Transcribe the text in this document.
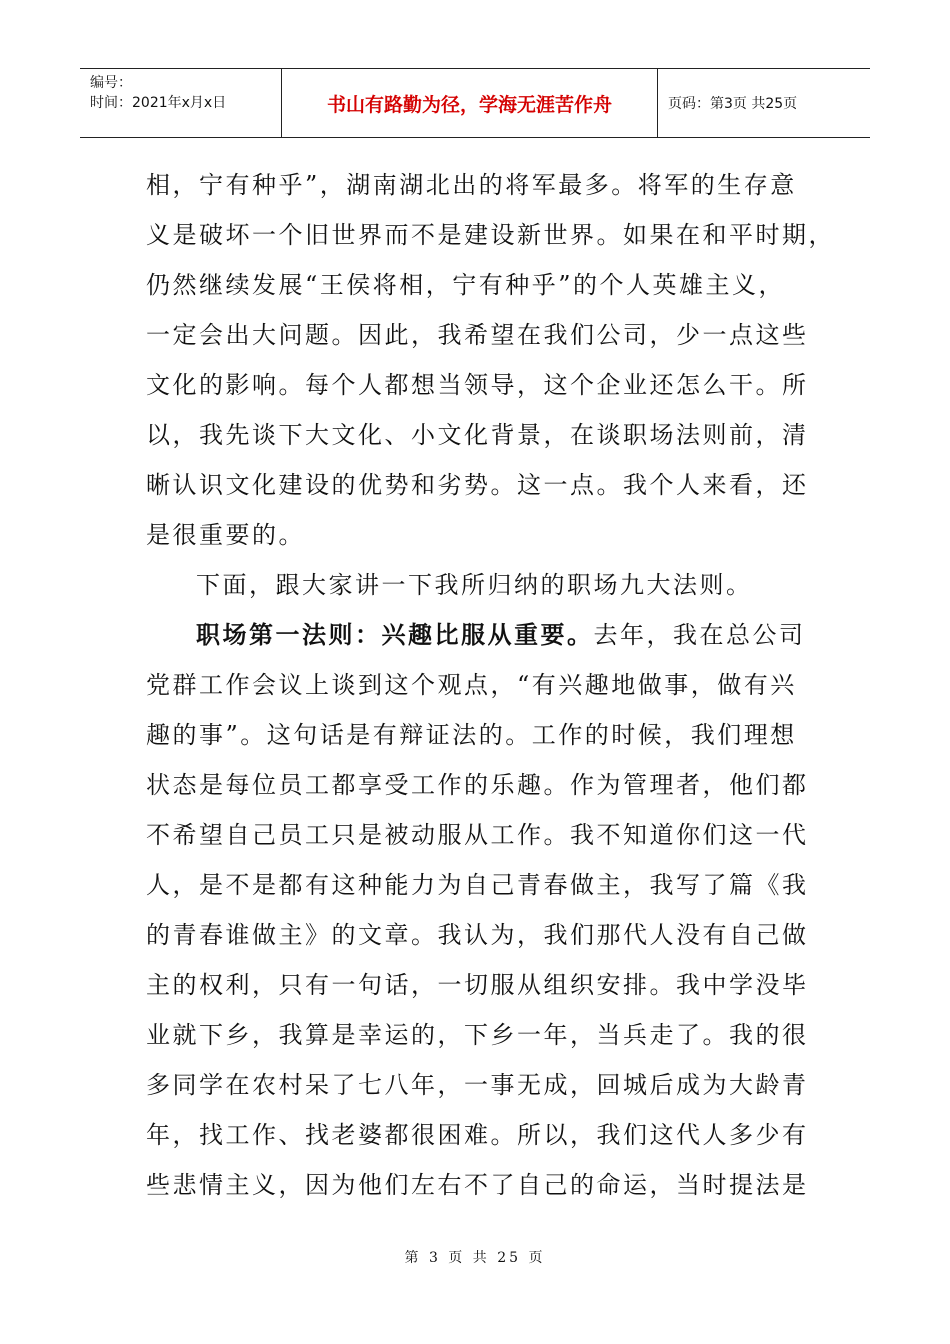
编号：
时间：2021年x月x日	书山有路勤为径，学海无涯苦作舟	页码：第3页 共25页

相，宁有种乎”，湖南湖北出的将军最多。将军的生存意
义是破坏一个旧世界而不是建设新世界。如果在和平时期，
仍然继续发展“王侯将相，宁有种乎”的个人英雄主义，
一定会出大问题。因此，我希望在我们公司，少一点这些
文化的影响。每个人都想当领导，这个企业还怎么干。所
以，我先谈下大文化、小文化背景，在谈职场法则前，清
晰认识文化建设的优势和劣势。这一点。我个人来看，还
是很重要的。

下面，跟大家讲一下我所归纳的职场九大法则。

职场第一法则：兴趣比服从重要。去年，我在总公司
党群工作会议上谈到这个观点，“有兴趣地做事，做有兴
趣的事”。这句话是有辩证法的。工作的时候，我们理想
状态是每位员工都享受工作的乐趣。作为管理者，他们都
不希望自己员工只是被动服从工作。我不知道你们这一代
人，是不是都有这种能力为自己青春做主，我写了篇《我
的青春谁做主》的文章。我认为，我们那代人没有自己做
主的权利，只有一句话，一切服从组织安排。我中学没毕
业就下乡，我算是幸运的，下乡一年，当兵走了。我的很
多同学在农村呆了七八年，一事无成，回城后成为大龄青
年，找工作、找老婆都很困难。所以，我们这代人多少有
些悲情主义，因为他们左右不了自己的命运，当时提法是

第 3 页 共 25 页
